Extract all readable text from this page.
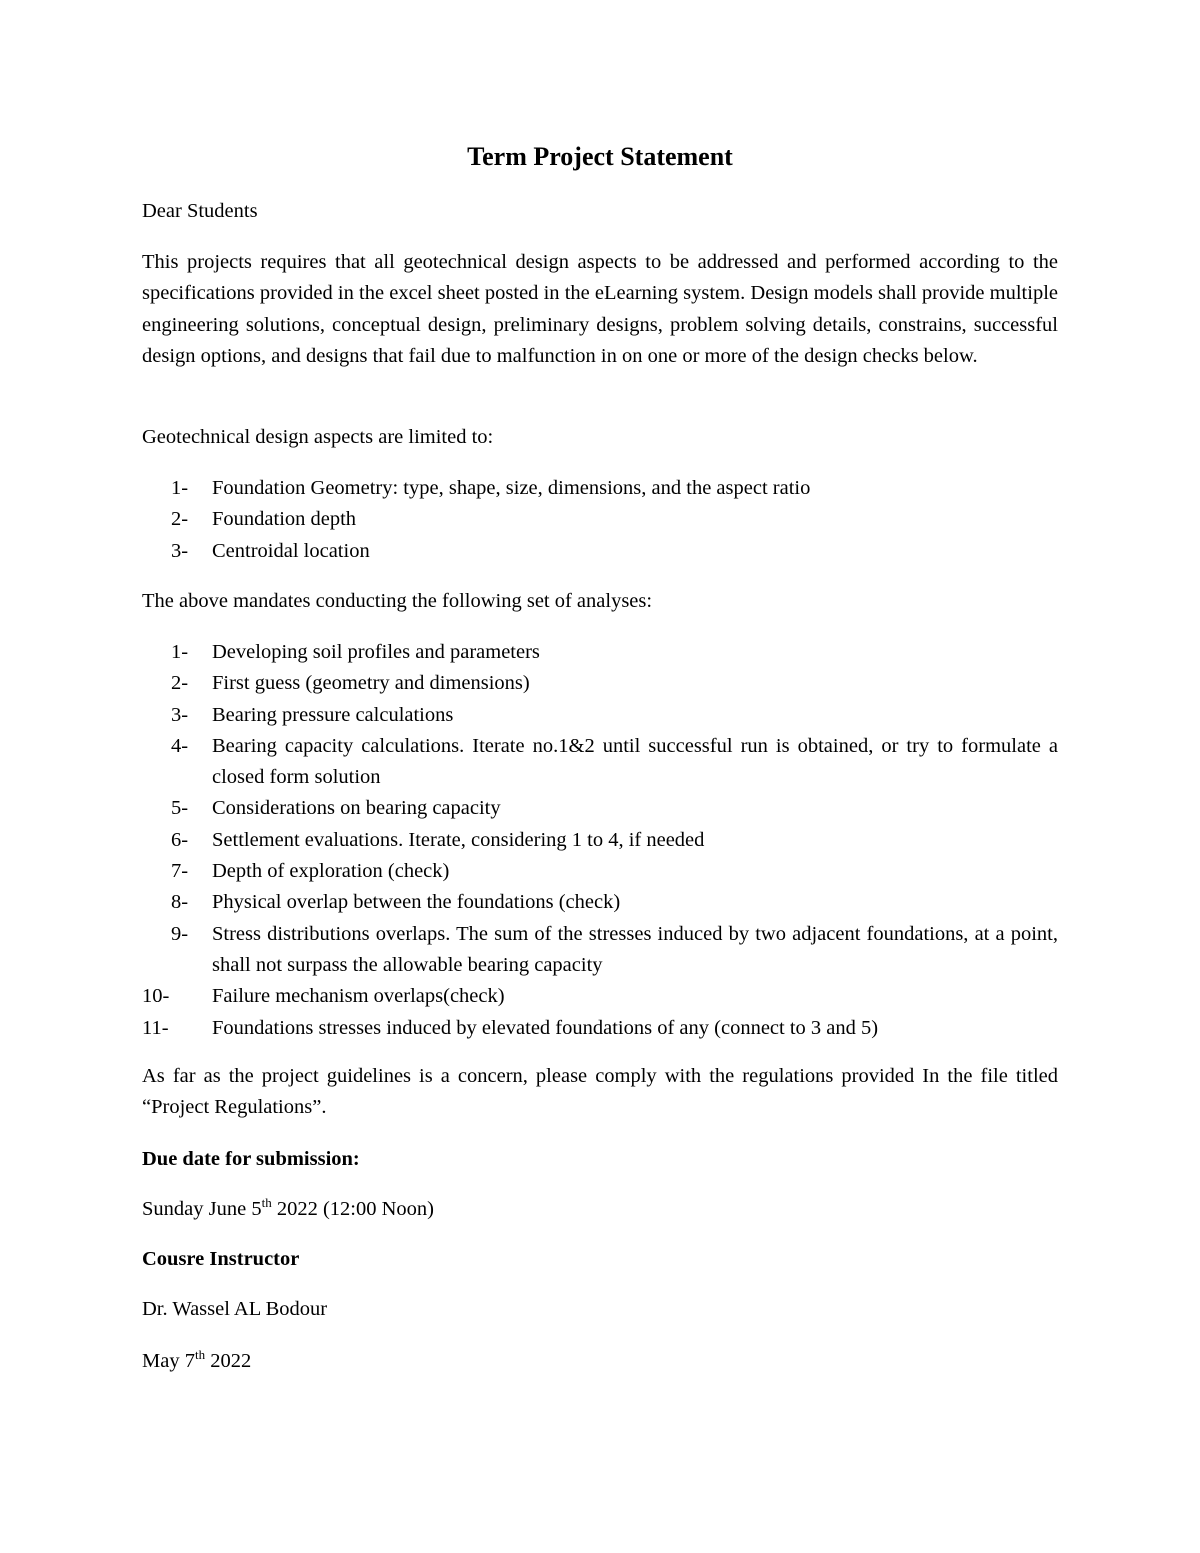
Term Project Statement

Dear Students

This projects requires that all geotechnical design aspects to be addressed and performed according to the specifications provided in the excel sheet posted in the eLearning system. Design models shall provide multiple engineering solutions, conceptual design, preliminary designs, problem solving details, constrains, successful design options, and designs that fail due to malfunction in on one or more of the design checks below.

Geotechnical design aspects are limited to:

1- Foundation Geometry: type, shape, size, dimensions, and the aspect ratio
2- Foundation depth
3- Centroidal location

The above mandates conducting the following set of analyses:

1- Developing soil profiles and parameters
2- First guess (geometry and dimensions)
3- Bearing pressure calculations
4- Bearing capacity calculations. Iterate no.1&2 until successful run is obtained, or try to formulate a closed form solution
5- Considerations on bearing capacity
6- Settlement evaluations. Iterate, considering 1 to 4, if needed
7- Depth of exploration (check)
8- Physical overlap between the foundations (check)
9- Stress distributions overlaps. The sum of the stresses induced by two adjacent foundations, at a point, shall not surpass the allowable bearing capacity
10- Failure mechanism overlaps(check)
11- Foundations stresses induced by elevated foundations of any (connect to 3 and 5)

As far as the project guidelines is a concern, please comply with the regulations provided In the file titled “Project Regulations”.

Due date for submission:

Sunday June 5th 2022 (12:00 Noon)

Cousre Instructor

Dr. Wassel AL Bodour

May 7th 2022
